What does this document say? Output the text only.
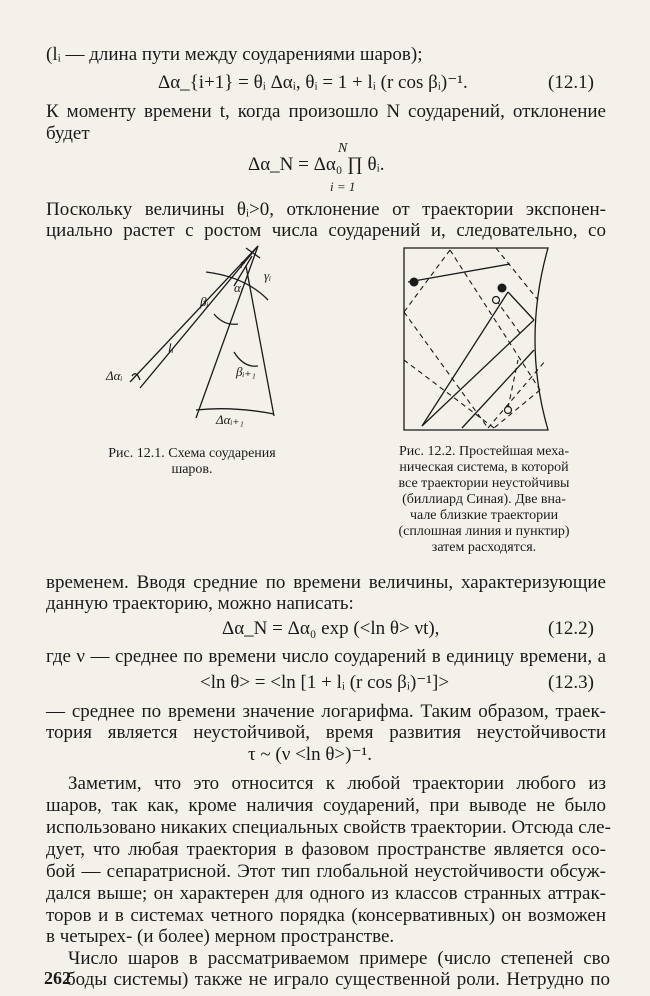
(lᵢ — длина пути между соударениями шаров);
Δα_{i+1} = θᵢ Δαᵢ, θᵢ = 1 + lᵢ (r cos βᵢ)⁻¹.	(12.1)
К моменту времени t, когда произошло N соударений, отклонение
будет
N
Δα_N = Δα₀ ∏ θᵢ.
i = 1
Поскольку величины θᵢ>0, отклонение от траектории экспонен-
циально растет с ростом числа соударений и, следовательно, со
Δαᵢ
βᵢ
lᵢ
αᵢ
r
γᵢ
βᵢ₊₁
Δαᵢ₊₁
Рис. 12.1. Схема соударения
шаров.
Рис. 12.2. Простейшая меха-
ническая система, в которой
все траектории неустойчивы
(биллиард Синая). Две вна-
чале близкие траектории
(сплошная линия и пунктир)
затем расходятся.
временем. Вводя средние по времени величины, характеризующие
данную траекторию, можно написать:
Δα_N = Δα₀ exp (<ln θ> νt),	(12.2)
где ν — среднее по времени число соударений в единицу времени, а
<ln θ> = <ln [1 + lᵢ (r cos βᵢ)⁻¹]>	(12.3)
— среднее по времени значение логарифма. Таким образом, траек-
тория является неустойчивой, время развития неустойчивости
τ ~ (ν <ln θ>)⁻¹.
Заметим, что это относится к любой траектории любого из
шаров, так как, кроме наличия соударений, при выводе не было
использовано никаких специальных свойств траектории. Отсюда сле-
дует, что любая траектория в фазовом пространстве является осо-
бой — сепаратрисной. Этот тип глобальной неустойчивости обсуж-
дался выше; он характерен для одного из классов странных аттрак-
торов и в системах четного порядка (консервативных) он возможен
в четырех- (и более) мерном пространстве.
Число шаров в рассматриваемом примере (число степеней сво
боды системы) также не играло существенной роли. Нетрудно по
262
